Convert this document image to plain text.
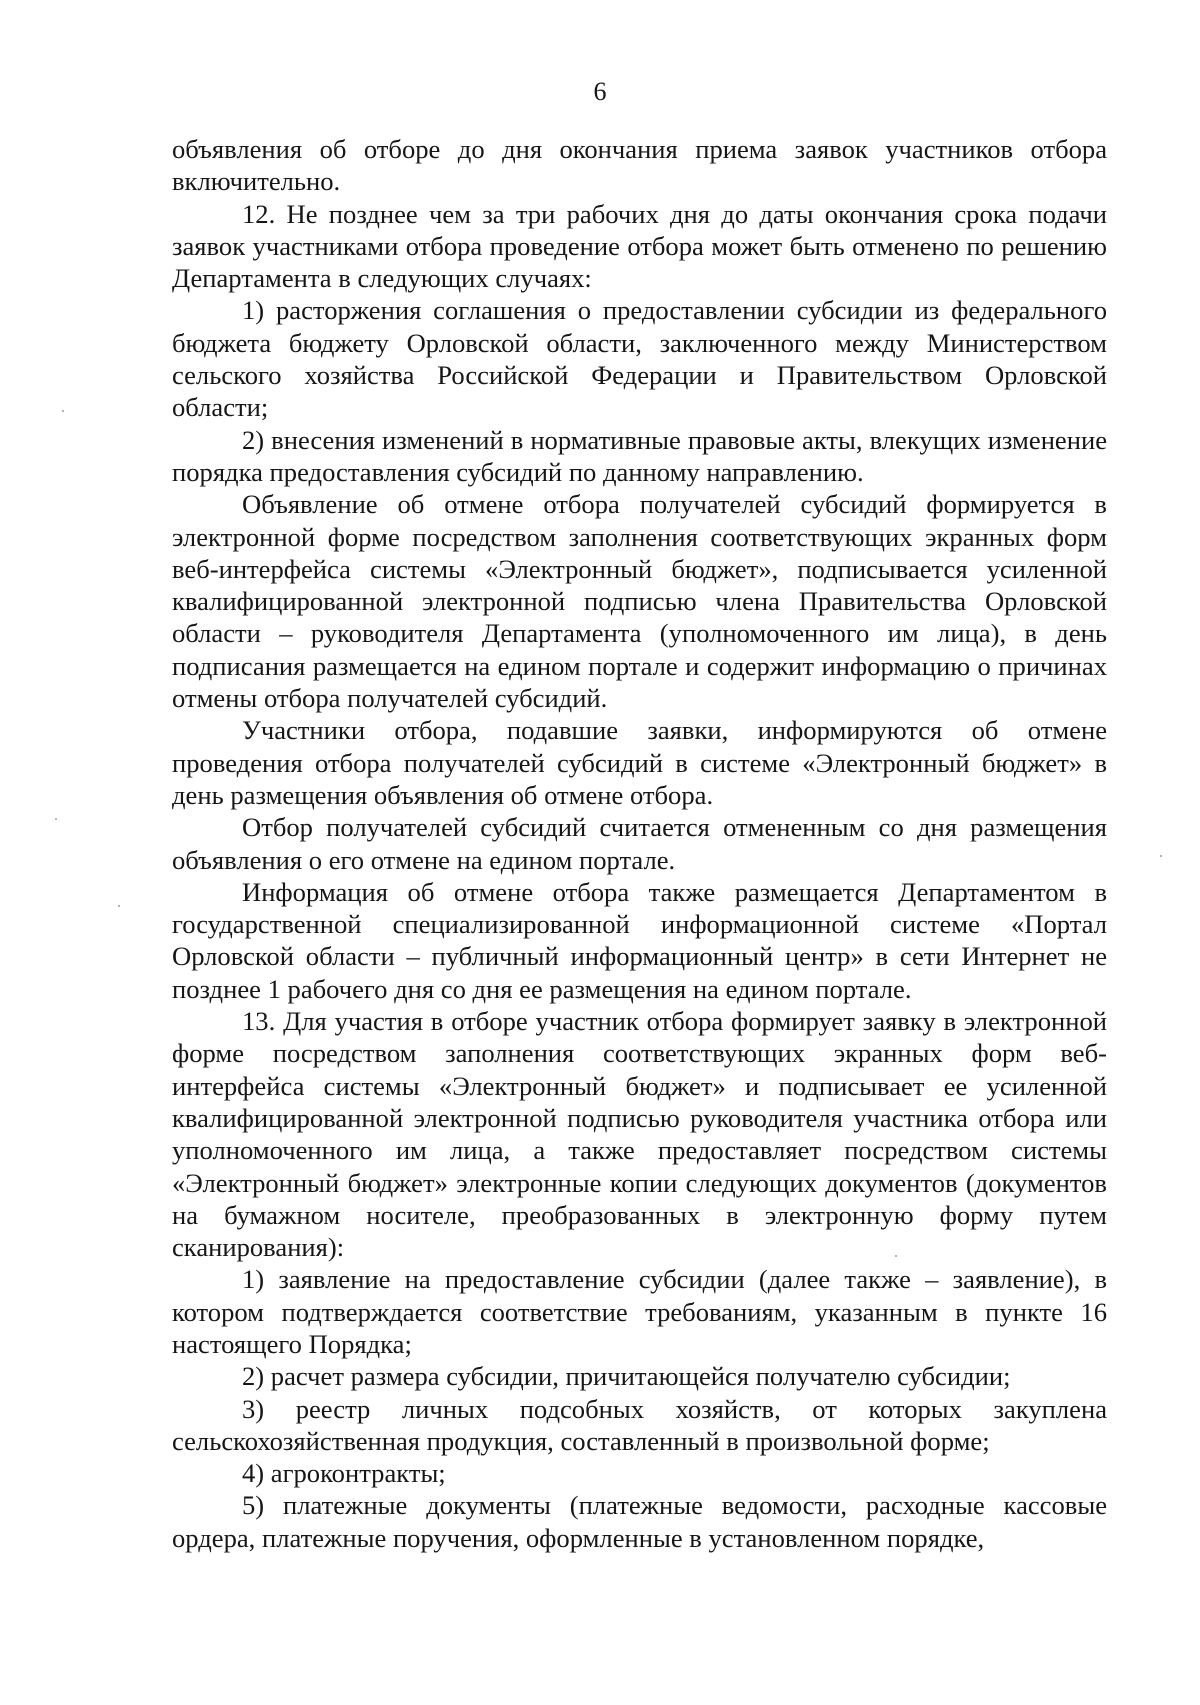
6

объявления об отборе до дня окончания приема заявок участников отбора включительно.

12. Не позднее чем за три рабочих дня до даты окончания срока подачи заявок участниками отбора проведение отбора может быть отменено по решению Департамента в следующих случаях:

1) расторжения соглашения о предоставлении субсидии из федерального бюджета бюджету Орловской области, заключенного между Министерством сельского хозяйства Российской Федерации и Правительством Орловской области;

2) внесения изменений в нормативные правовые акты, влекущих изменение порядка предоставления субсидий по данному направлению.

Объявление об отмене отбора получателей субсидий формируется в электронной форме посредством заполнения соответствующих экранных форм веб-интерфейса системы «Электронный бюджет», подписывается усиленной квалифицированной электронной подписью члена Правительства Орловской области – руководителя Департамента (уполномоченного им лица), в день подписания размещается на едином портале и содержит информацию о причинах отмены отбора получателей субсидий.

Участники отбора, подавшие заявки, информируются об отмене проведения отбора получателей субсидий в системе «Электронный бюджет» в день размещения объявления об отмене отбора.

Отбор получателей субсидий считается отмененным со дня размещения объявления о его отмене на едином портале.

Информация об отмене отбора также размещается Департаментом в государственной специализированной информационной системе «Портал Орловской области – публичный информационный центр» в сети Интернет не позднее 1 рабочего дня со дня ее размещения на едином портале.

13. Для участия в отборе участник отбора формирует заявку в электронной форме посредством заполнения соответствующих экранных форм веб-интерфейса системы «Электронный бюджет» и подписывает ее усиленной квалифицированной электронной подписью руководителя участника отбора или уполномоченного им лица, а также предоставляет посредством системы «Электронный бюджет» электронные копии следующих документов (документов на бумажном носителе, преобразованных в электронную форму путем сканирования):

1) заявление на предоставление субсидии (далее также – заявление), в котором подтверждается соответствие требованиям, указанным в пункте 16 настоящего Порядка;

2) расчет размера субсидии, причитающейся получателю субсидии;

3) реестр личных подсобных хозяйств, от которых закуплена сельскохозяйственная продукция, составленный в произвольной форме;

4) агроконтракты;

5) платежные документы (платежные ведомости, расходные кассовые ордера, платежные поручения, оформленные в установленном порядке,
